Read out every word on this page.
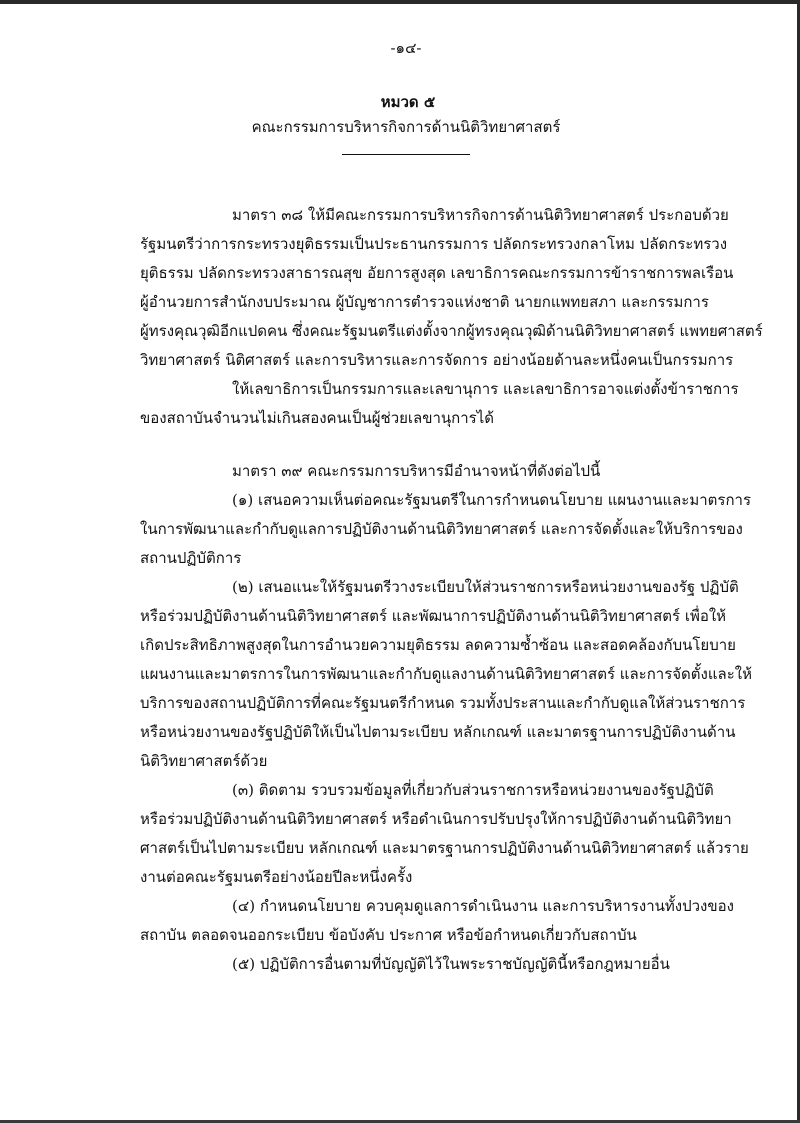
-๑๔-
หมวด ๕
คณะกรรมการบริหารกิจการด้านนิติวิทยาศาสตร์
มาตรา ๓๘ ให้มีคณะกรรมการบริหารกิจการด้านนิติวิทยาศาสตร์ ประกอบด้วย
รัฐมนตรีว่าการกระทรวงยุติธรรมเป็นประธานกรรมการ ปลัดกระทรวงกลาโหม ปลัดกระทรวง
ยุติธรรม ปลัดกระทรวงสาธารณสุข อัยการสูงสุด เลขาธิการคณะกรรมการข้าราชการพลเรือน
ผู้อำนวยการสำนักงบประมาณ ผู้บัญชาการตำรวจแห่งชาติ นายกแพทยสภา และกรรมการ
ผู้ทรงคุณวุฒิอีกแปดคน ซึ่งคณะรัฐมนตรีแต่งตั้งจากผู้ทรงคุณวุฒิด้านนิติวิทยาศาสตร์ แพทยศาสตร์
วิทยาศาสตร์ นิติศาสตร์ และการบริหารและการจัดการ อย่างน้อยด้านละหนึ่งคนเป็นกรรมการ
ให้เลขาธิการเป็นกรรมการและเลขานุการ และเลขาธิการอาจแต่งตั้งข้าราชการ
ของสถาบันจำนวนไม่เกินสองคนเป็นผู้ช่วยเลขานุการได้
มาตรา ๓๙ คณะกรรมการบริหารมีอำนาจหน้าที่ดังต่อไปนี้
(๑) เสนอความเห็นต่อคณะรัฐมนตรีในการกำหนดนโยบาย แผนงานและมาตรการ
ในการพัฒนาและกำกับดูแลการปฏิบัติงานด้านนิติวิทยาศาสตร์ และการจัดตั้งและให้บริการของ
สถานปฏิบัติการ
(๒) เสนอแนะให้รัฐมนตรีวางระเบียบให้ส่วนราชการหรือหน่วยงานของรัฐ ปฏิบัติ
หรือร่วมปฏิบัติงานด้านนิติวิทยาศาสตร์ และพัฒนาการปฏิบัติงานด้านนิติวิทยาศาสตร์ เพื่อให้
เกิดประสิทธิภาพสูงสุดในการอำนวยความยุติธรรม ลดความซ้ำซ้อน และสอดคล้องกับนโยบาย
แผนงานและมาตรการในการพัฒนาและกำกับดูแลงานด้านนิติวิทยาศาสตร์ และการจัดตั้งและให้
บริการของสถานปฏิบัติการที่คณะรัฐมนตรีกำหนด รวมทั้งประสานและกำกับดูแลให้ส่วนราชการ
หรือหน่วยงานของรัฐปฏิบัติให้เป็นไปตามระเบียบ หลักเกณฑ์ และมาตรฐานการปฏิบัติงานด้าน
นิติวิทยาศาสตร์ด้วย
(๓) ติดตาม รวบรวมข้อมูลที่เกี่ยวกับส่วนราชการหรือหน่วยงานของรัฐปฏิบัติ
หรือร่วมปฏิบัติงานด้านนิติวิทยาศาสตร์ หรือดำเนินการปรับปรุงให้การปฏิบัติงานด้านนิติวิทยา
ศาสตร์เป็นไปตามระเบียบ หลักเกณฑ์ และมาตรฐานการปฏิบัติงานด้านนิติวิทยาศาสตร์ แล้วราย
งานต่อคณะรัฐมนตรีอย่างน้อยปีละหนึ่งครั้ง
(๔) กำหนดนโยบาย ควบคุมดูแลการดำเนินงาน และการบริหารงานทั้งปวงของ
สถาบัน ตลอดจนออกระเบียบ ข้อบังคับ ประกาศ หรือข้อกำหนดเกี่ยวกับสถาบัน
(๕) ปฏิบัติการอื่นตามที่บัญญัติไว้ในพระราชบัญญัตินี้หรือกฎหมายอื่น
